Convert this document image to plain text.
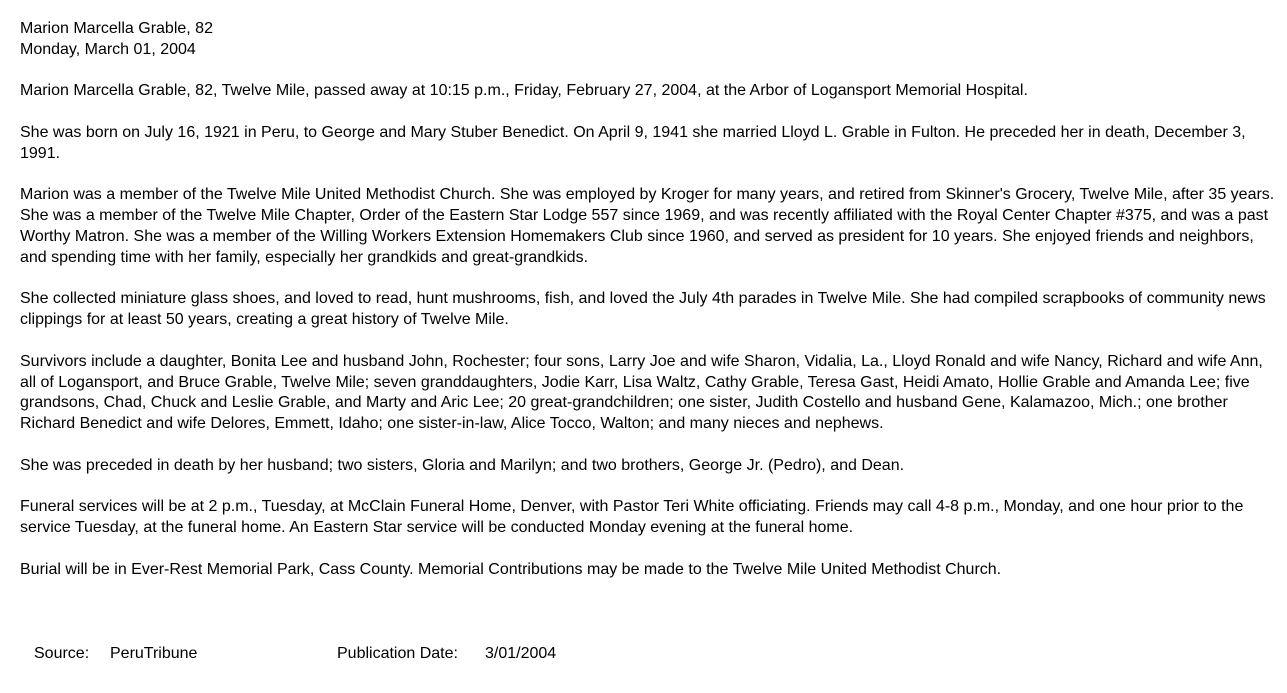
Marion Marcella Grable, 82
Monday, March 01, 2004

Marion Marcella Grable, 82, Twelve Mile, passed away at 10:15 p.m., Friday, February 27, 2004, at the Arbor of Logansport Memorial Hospital.

She was born on July 16, 1921 in Peru, to George and Mary Stuber Benedict. On April 9, 1941 she married Lloyd L. Grable in Fulton. He preceded her in death, December 3, 1991.

Marion was a member of the Twelve Mile United Methodist Church. She was employed by Kroger for many years, and retired from Skinner's Grocery, Twelve Mile, after 35 years. She was a member of the Twelve Mile Chapter, Order of the Eastern Star Lodge 557 since 1969, and was recently affiliated with the Royal Center Chapter #375, and was a past Worthy Matron. She was a member of the Willing Workers Extension Homemakers Club since 1960, and served as president for 10 years. She enjoyed friends and neighbors, and spending time with her family, especially her grandkids and great-grandkids.

She collected miniature glass shoes, and loved to read, hunt mushrooms, fish, and loved the July 4th parades in Twelve Mile. She had compiled scrapbooks of community news clippings for at least 50 years, creating a great history of Twelve Mile.

Survivors include a daughter, Bonita Lee and husband John, Rochester; four sons, Larry Joe and wife Sharon, Vidalia, La., Lloyd Ronald and wife Nancy, Richard and wife Ann, all of Logansport, and Bruce Grable, Twelve Mile; seven granddaughters, Jodie Karr, Lisa Waltz, Cathy Grable, Teresa Gast, Heidi Amato, Hollie Grable and Amanda Lee; five grandsons, Chad, Chuck and Leslie Grable, and Marty and Aric Lee; 20 great-grandchildren; one sister, Judith Costello and husband Gene, Kalamazoo, Mich.; one brother Richard Benedict and wife Delores, Emmett, Idaho; one sister-in-law, Alice Tocco, Walton; and many nieces and nephews.

She was preceded in death by her husband; two sisters, Gloria and Marilyn; and two brothers, George Jr. (Pedro), and Dean.

Funeral services will be at 2 p.m., Tuesday, at McClain Funeral Home, Denver, with Pastor Teri White officiating. Friends may call 4-8 p.m., Monday, and one hour prior to the service Tuesday, at the funeral home. An Eastern Star service will be conducted Monday evening at the funeral home.

Burial will be in Ever-Rest Memorial Park, Cass County. Memorial Contributions may be made to the Twelve Mile United Methodist Church.

Source: PeruTribune	Publication Date: 3/01/2004
